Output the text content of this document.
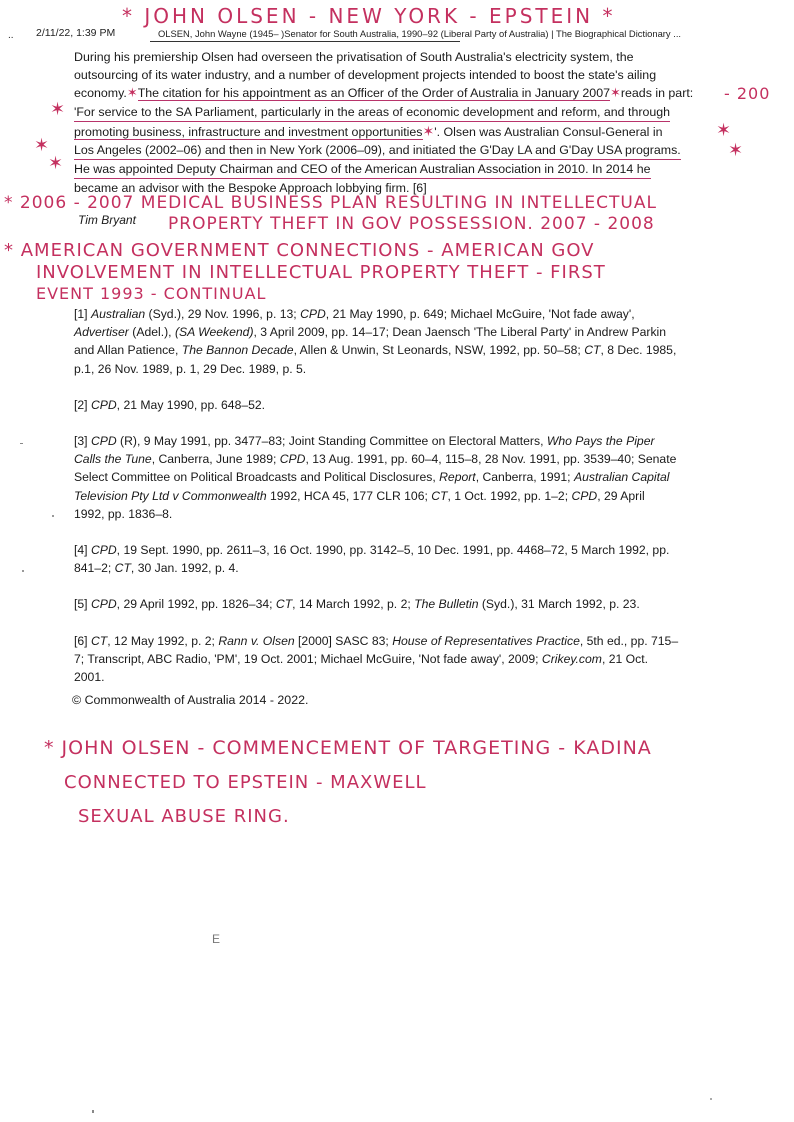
* JOHN OLSEN - NEW YORK - EPSTEIN *
.. 2/11/22, 1:39 PM	OLSEN, John Wayne (1945– )Senator for South Australia, 1990–92 (Liberal Party of Australia) | The Biographical Dictionary ...
During his premiership Olsen had overseen the privatisation of South Australia's electricity system, the
outsourcing of its water industry, and a number of development projects intended to boost the state's ailing
economy.✶The citation for his appointment as an Officer of the Order of Australia in January 2007✶reads in part:
'For service to the SA Parliament, particularly in the areas of economic development and reform, and through
promoting business, infrastructure and investment opportunities✶'. Olsen was Australian Consul-General in
Los Angeles (2002–06) and then in New York (2006–09), and initiated the G'Day LA and G'Day USA programs. He was appointed Deputy Chairman and CEO of the American Australian Association in 2010. In 2014 he
became an advisor with the Bespoke Approach lobbying firm. [6]
✶
✶
✶
✶
✶
- 200
* 2006 - 2007 MEDICAL BUSINESS PLAN RESULTING IN INTELLECTUAL
PROPERTY THEFT IN GOV POSSESSION. 2007 - 2008
Tim Bryant
* AMERICAN GOVERNMENT CONNECTIONS - AMERICAN GOV
INVOLVEMENT IN INTELLECTUAL PROPERTY THEFT - FIRST
EVENT 1993 - CONTINUAL
[1] Australian (Syd.), 29 Nov. 1996, p. 13; CPD, 21 May 1990, p. 649; Michael McGuire, 'Not fade away',
Advertiser (Adel.), (SA Weekend), 3 April 2009, pp. 14–17; Dean Jaensch 'The Liberal Party' in Andrew Parkin
and Allan Patience, The Bannon Decade, Allen & Unwin, St Leonards, NSW, 1992, pp. 50–58; CT, 8 Dec. 1985,
p.1, 26 Nov. 1989, p. 1, 29 Dec. 1989, p. 5.
[2] CPD, 21 May 1990, pp. 648–52.
[3] CPD (R), 9 May 1991, pp. 3477–83; Joint Standing Committee on Electoral Matters, Who Pays the Piper
Calls the Tune, Canberra, June 1989; CPD, 13 Aug. 1991, pp. 60–4, 115–8, 28 Nov. 1991, pp. 3539–40; Senate
Select Committee on Political Broadcasts and Political Disclosures, Report, Canberra, 1991; Australian Capital
Television Pty Ltd v Commonwealth 1992, HCA 45, 177 CLR 106; CT, 1 Oct. 1992, pp. 1–2; CPD, 29 April
1992, pp. 1836–8.
[4] CPD, 19 Sept. 1990, pp. 2611–3, 16 Oct. 1990, pp. 3142–5, 10 Dec. 1991, pp. 4468–72, 5 March 1992, pp.
841–2; CT, 30 Jan. 1992, p. 4.
[5] CPD, 29 April 1992, pp. 1826–34; CT, 14 March 1992, p. 2; The Bulletin (Syd.), 31 March 1992, p. 23.
[6] CT, 12 May 1992, p. 2; Rann v. Olsen [2000] SASC 83; House of Representatives Practice, 5th ed., pp. 715–
7; Transcript, ABC Radio, 'PM', 19 Oct. 2001; Michael McGuire, 'Not fade away', 2009; Crikey.com, 21 Oct.
2001.
© Commonwealth of Australia 2014 - 2022.
* JOHN OLSEN - COMMENCEMENT OF TARGETING - KADINA
CONNECTED TO EPSTEIN - MAXWELL
SEXUAL ABUSE RING.
E
